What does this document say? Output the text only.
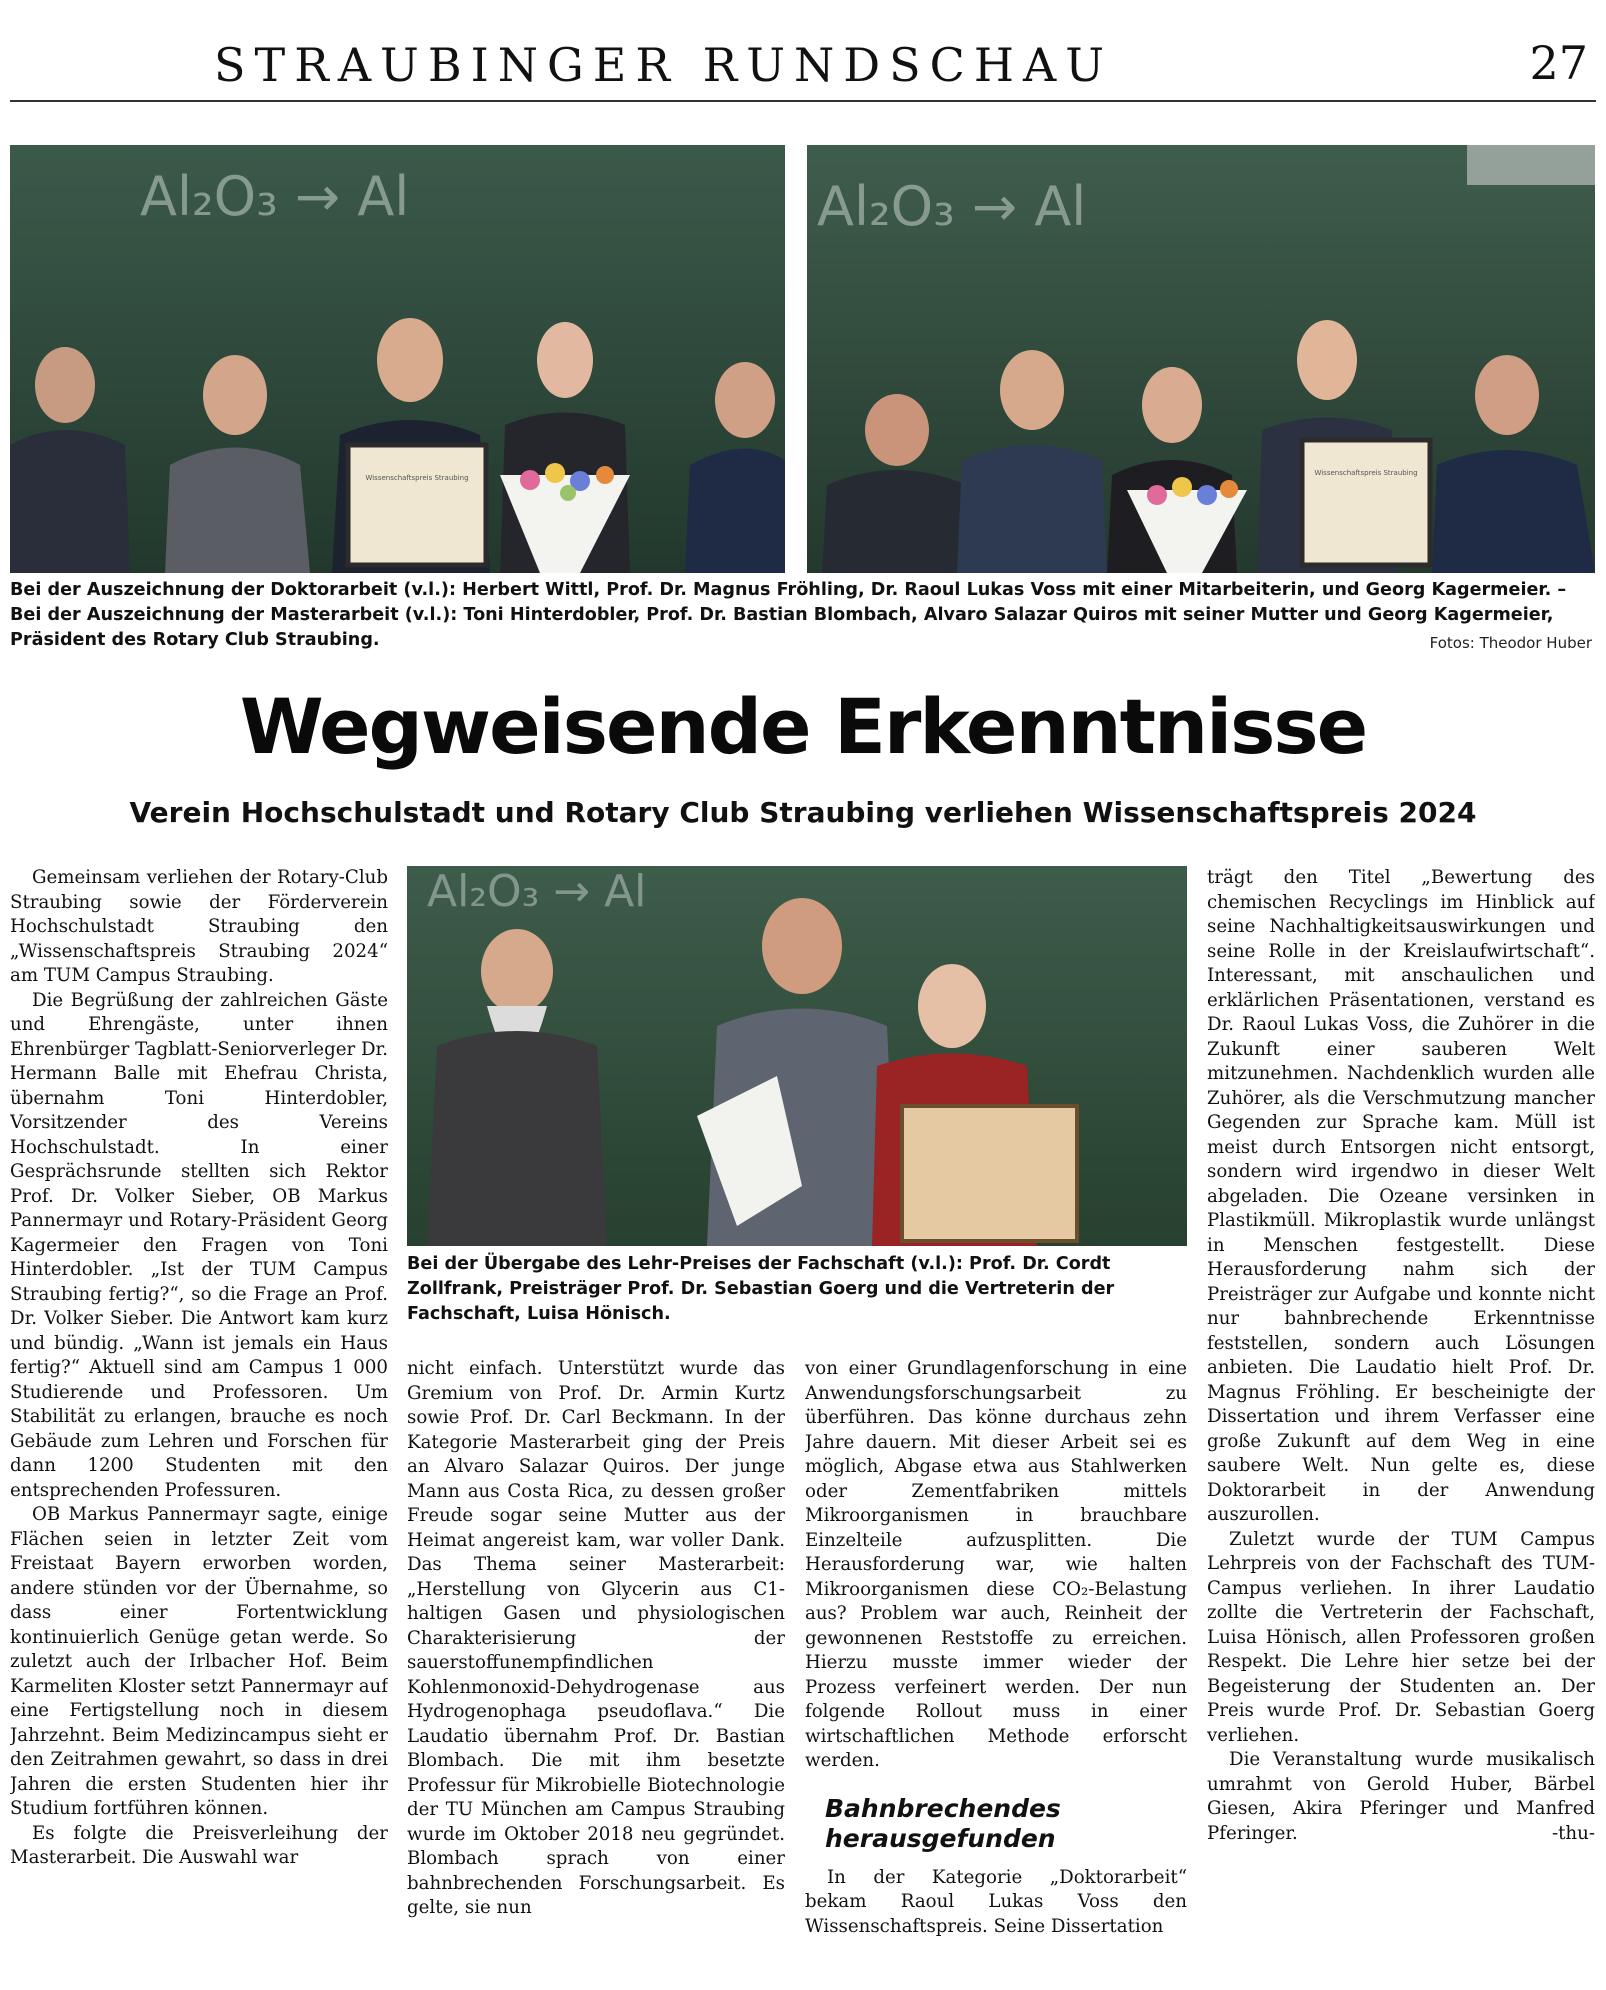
STRAUBINGER RUNDSCHAU	27
Al₂O₃ → Al
Wissenschaftspreis Straubing
Al₂O₃ → Al
Wissenschaftspreis Straubing
Bei der Auszeichnung der Doktorarbeit (v.l.): Herbert Wittl, Prof. Dr. Magnus Fröhling, Dr. Raoul Lukas Voss mit einer Mitarbeiterin, und Georg Kagermeier. – Bei der Auszeichnung der Masterarbeit (v.l.): Toni Hinterdobler, Prof. Dr. Bastian Blombach, Alvaro Salazar Quiros mit seiner Mutter und Georg Kagermeier, Präsident des Rotary Club Straubing.	Fotos: Theodor Huber
Wegweisende Erkenntnisse
Verein Hochschulstadt und Rotary Club Straubing verliehen Wissenschaftspreis 2024
Al₂O₃ → Al
Bei der Übergabe des Lehr-Preises der Fachschaft (v.l.): Prof. Dr. Cordt Zollfrank, Preisträger Prof. Dr. Sebastian Goerg und die Vertreterin der Fachschaft, Luisa Hönisch.

Gemeinsam verliehen der Rotary-Club Straubing sowie der Förderverein Hochschulstadt Straubing den „Wissenschaftspreis Straubing 2024“ am TUM Campus Straubing.

Die Begrüßung der zahlreichen Gäste und Ehrengäste, unter ihnen Ehrenbürger Tagblatt-Seniorverleger Dr. Hermann Balle mit Ehefrau Christa, übernahm Toni Hinterdobler, Vorsitzender des Vereins Hochschulstadt. In einer Gesprächsrunde stellten sich Rektor Prof. Dr. Volker Sieber, OB Markus Pannermayr und Rotary-Präsident Georg Kagermeier den Fragen von Toni Hinterdobler. „Ist der TUM Campus Straubing fertig?“, so die Frage an Prof. Dr. Volker Sieber. Die Antwort kam kurz und bündig. „Wann ist jemals ein Haus fertig?“ Aktuell sind am Campus 1 000 Studierende und Professoren. Um Stabilität zu erlangen, brauche es noch Gebäude zum Lehren und Forschen für dann 1200 Studenten mit den entsprechenden Professuren.

OB Markus Pannermayr sagte, einige Flächen seien in letzter Zeit vom Freistaat Bayern erworben worden, andere stünden vor der Übernahme, so dass einer Fortentwicklung kontinuierlich Genüge getan werde. So zuletzt auch der Irlbacher Hof. Beim Karmeliten Kloster setzt Pannermayr auf eine Fertigstellung noch in diesem Jahrzehnt. Beim Medizincampus sieht er den Zeitrahmen gewahrt, so dass in drei Jahren die ersten Studenten hier ihr Studium fortführen können.

Es folgte die Preisverleihung der Masterarbeit. Die Auswahl war

nicht einfach. Unterstützt wurde das Gremium von Prof. Dr. Armin Kurtz sowie Prof. Dr. Carl Beckmann. In der Kategorie Masterarbeit ging der Preis an Alvaro Salazar Quiros. Der junge Mann aus Costa Rica, zu dessen großer Freude sogar seine Mutter aus der Heimat angereist kam, war voller Dank. Das Thema seiner Masterarbeit: „Herstellung von Glycerin aus C1-haltigen Gasen und physiologischen Charakterisierung der sauerstoffunempfindlichen Kohlenmonoxid-Dehydrogenase aus Hydrogenophaga pseudoflava.“ Die Laudatio übernahm Prof. Dr. Bastian Blombach. Die mit ihm besetzte Professur für Mikrobielle Biotechnologie der TU München am Campus Straubing wurde im Oktober 2018 neu gegründet. Blombach sprach von einer bahnbrechenden Forschungsarbeit. Es gelte, sie nun

von einer Grundlagenforschung in eine Anwendungsforschungsarbeit zu überführen. Das könne durchaus zehn Jahre dauern. Mit dieser Arbeit sei es möglich, Abgase etwa aus Stahlwerken oder Zementfabriken mittels Mikroorganismen in brauchbare Einzelteile aufzusplitten. Die Herausforderung war, wie halten Mikroorganismen diese CO₂-Belastung aus? Problem war auch, Reinheit der gewonnenen Reststoffe zu erreichen. Hierzu musste immer wieder der Prozess verfeinert werden. Der nun folgende Rollout muss in einer wirtschaftlichen Methode erforscht werden.

Bahnbrechendes
herausgefunden

In der Kategorie „Doktorarbeit“ bekam Raoul Lukas Voss den Wissenschaftspreis. Seine Dissertation

trägt den Titel „Bewertung des chemischen Recyclings im Hinblick auf seine Nachhaltigkeitsauswirkungen und seine Rolle in der Kreislaufwirtschaft“. Interessant, mit anschaulichen und erklärlichen Präsentationen, verstand es Dr. Raoul Lukas Voss, die Zuhörer in die Zukunft einer sauberen Welt mitzunehmen. Nachdenklich wurden alle Zuhörer, als die Verschmutzung mancher Gegenden zur Sprache kam. Müll ist meist durch Entsorgen nicht entsorgt, sondern wird irgendwo in dieser Welt abgeladen. Die Ozeane versinken in Plastikmüll. Mikroplastik wurde unlängst in Menschen festgestellt. Diese Herausforderung nahm sich der Preisträger zur Aufgabe und konnte nicht nur bahnbrechende Erkenntnisse feststellen, sondern auch Lösungen anbieten. Die Laudatio hielt Prof. Dr. Magnus Fröhling. Er bescheinigte der Dissertation und ihrem Verfasser eine große Zukunft auf dem Weg in eine saubere Welt. Nun gelte es, diese Doktorarbeit in der Anwendung auszurollen.

Zuletzt wurde der TUM Campus Lehrpreis von der Fachschaft des TUM-Campus verliehen. In ihrer Laudatio zollte die Vertreterin der Fachschaft, Luisa Hönisch, allen Professoren großen Respekt. Die Lehre hier setze bei der Begeisterung der Studenten an. Der Preis wurde Prof. Dr. Sebastian Goerg verliehen.

Die Veranstaltung wurde musikalisch umrahmt von Gerold Huber, Bärbel Giesen, Akira Pferinger und Manfred Pferinger.	-thu-
